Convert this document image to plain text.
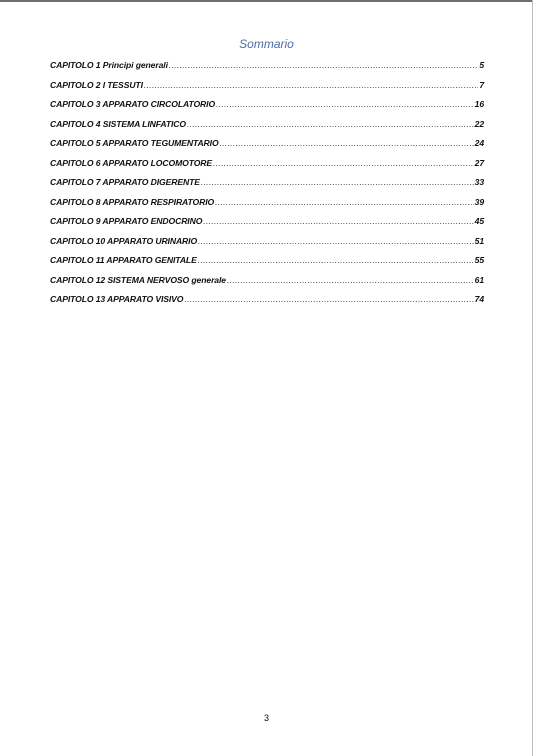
Sommario
CAPITOLO 1 Principi generali .....	5
CAPITOLO 2 I TESSUTI .....	7
CAPITOLO 3 APPARATO CIRCOLATORIO .....	16
CAPITOLO 4 SISTEMA LINFATICO .....	22
CAPITOLO 5 APPARATO TEGUMENTARIO .....	24
CAPITOLO 6 APPARATO LOCOMOTORE .....	27
CAPITOLO 7 APPARATO DIGERENTE .....	33
CAPITOLO 8 APPARATO RESPIRATORIO .....	39
CAPITOLO 9 APPARATO ENDOCRINO .....	45
CAPITOLO 10 APPARATO URINARIO .....	51
CAPITOLO 11 APPARATO GENITALE .....	55
CAPITOLO 12 SISTEMA NERVOSO generale .....	61
CAPITOLO 13 APPARATO VISIVO .....	74
3
